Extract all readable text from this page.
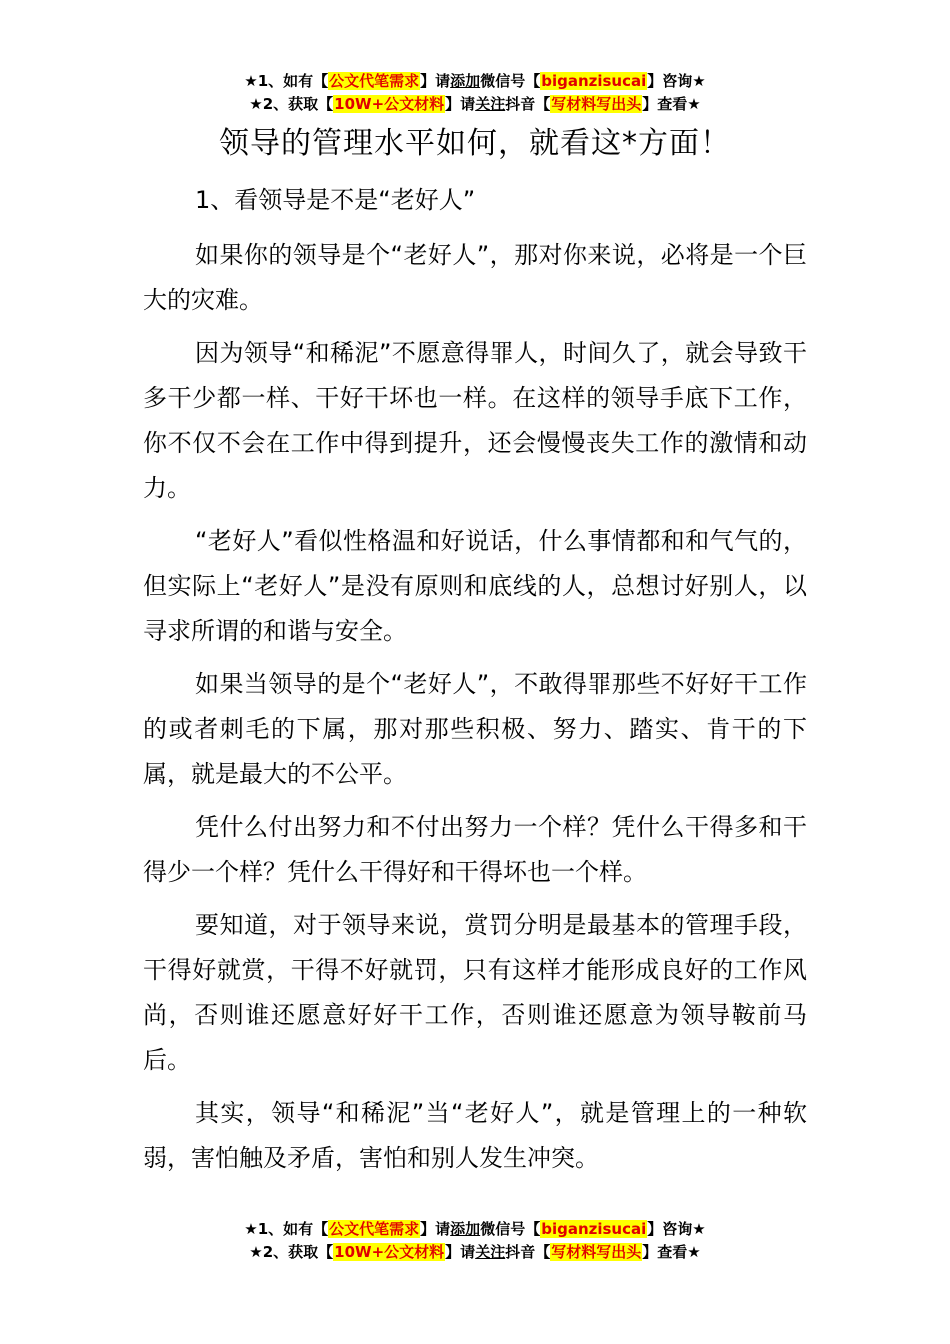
★1、如有【公文代笔需求】请添加微信号【biganzisucai】咨询★
★2、获取【10W+公文材料】请关注抖音【写材料写出头】查看★
领导的管理水平如何，就看这*方面！

1、看领导是不是“老好人”

如果你的领导是个“老好人”，那对你来说，必将是一个巨大的灾难。

因为领导“和稀泥”不愿意得罪人，时间久了，就会导致干多干少都一样、干好干坏也一样。在这样的领导手底下工作，你不仅不会在工作中得到提升，还会慢慢丧失工作的激情和动力。

“老好人”看似性格温和好说话，什么事情都和和气气的，但实际上“老好人”是没有原则和底线的人，总想讨好别人，以寻求所谓的和谐与安全。

如果当领导的是个“老好人”，不敢得罪那些不好好干工作的或者刺毛的下属，那对那些积极、努力、踏实、肯干的下属，就是最大的不公平。

凭什么付出努力和不付出努力一个样？凭什么干得多和干得少一个样？凭什么干得好和干得坏也一个样。

要知道，对于领导来说，赏罚分明是最基本的管理手段，干得好就赏，干得不好就罚，只有这样才能形成良好的工作风尚，否则谁还愿意好好干工作，否则谁还愿意为领导鞍前马后。

其实，领导“和稀泥”当“老好人”，就是管理上的一种软弱，害怕触及矛盾，害怕和别人发生冲突。

★1、如有【公文代笔需求】请添加微信号【biganzisucai】咨询★
★2、获取【10W+公文材料】请关注抖音【写材料写出头】查看★
